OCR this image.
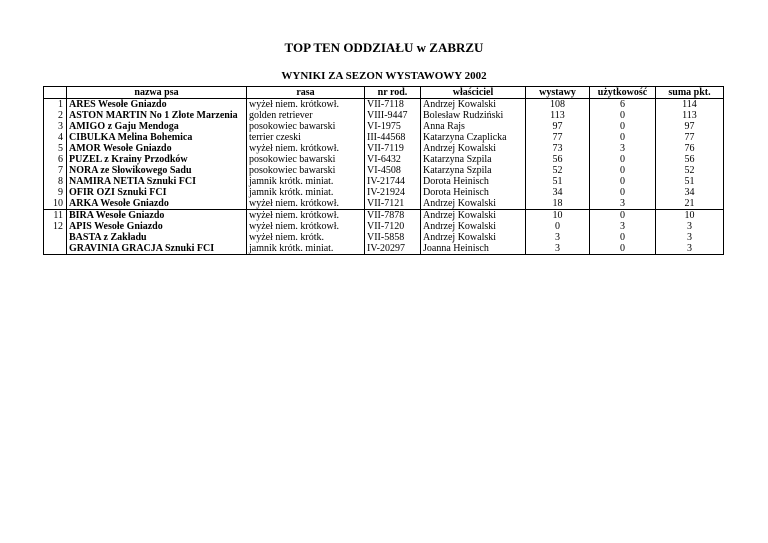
TOP TEN ODDZIAŁU w ZABRZU
WYNIKI ZA SEZON WYSTAWOWY 2002
	nazwa psa	rasa	nr rod.	właściciel	wystawy	użytkowość	suma pkt.
1	ARES Wesołe Gniazdo	wyżeł niem. krótkowł.	VII-7118	Andrzej Kowalski	108	6	114
2	ASTON MARTIN No 1 Złote Marzenia	golden retriever	VIII-9447	Bolesław Rudziński	113	0	113
3	AMIGO z Gaju Mendoga	posokowiec bawarski	VI-1975	Anna Rajs	97	0	97
4	CIBULKA Melina Bohemica	terrier czeski	III-44568	Katarzyna Czaplicka	77	0	77
5	AMOR Wesołe Gniazdo	wyżeł niem. krótkowł.	VII-7119	Andrzej Kowalski	73	3	76
6	PUZEL z Krainy Przodków	posokowiec bawarski	VI-6432	Katarzyna Szpila	56	0	56
7	NORA ze Słowikowego Sadu	posokowiec bawarski	VI-4508	Katarzyna Szpila	52	0	52
8	NAMIRA NETIA Sznuki FCI	jamnik krótk. miniat.	IV-21744	Dorota Heinisch	51	0	51
9	OFIR OZI Sznuki FCI	jamnik krótk. miniat.	IV-21924	Dorota Heinisch	34	0	34
10	ARKA Wesołe Gniazdo	wyżeł niem. krótkowł.	VII-7121	Andrzej Kowalski	18	3	21
11	BIRA Wesołe Gniazdo	wyżeł niem. krótkowł.	VII-7878	Andrzej Kowalski	10	0	10
12	APIS Wesołe Gniazdo	wyżeł niem. krótkowł.	VII-7120	Andrzej Kowalski	0	3	3
	BASTA z Zakładu	wyżeł niem. krótk.	VII-5858	Andrzej Kowalski	3	0	3
	GRAVINIA GRACJA Sznuki FCI	jamnik krótk. miniat.	IV-20297	Joanna Heinisch	3	0	3
